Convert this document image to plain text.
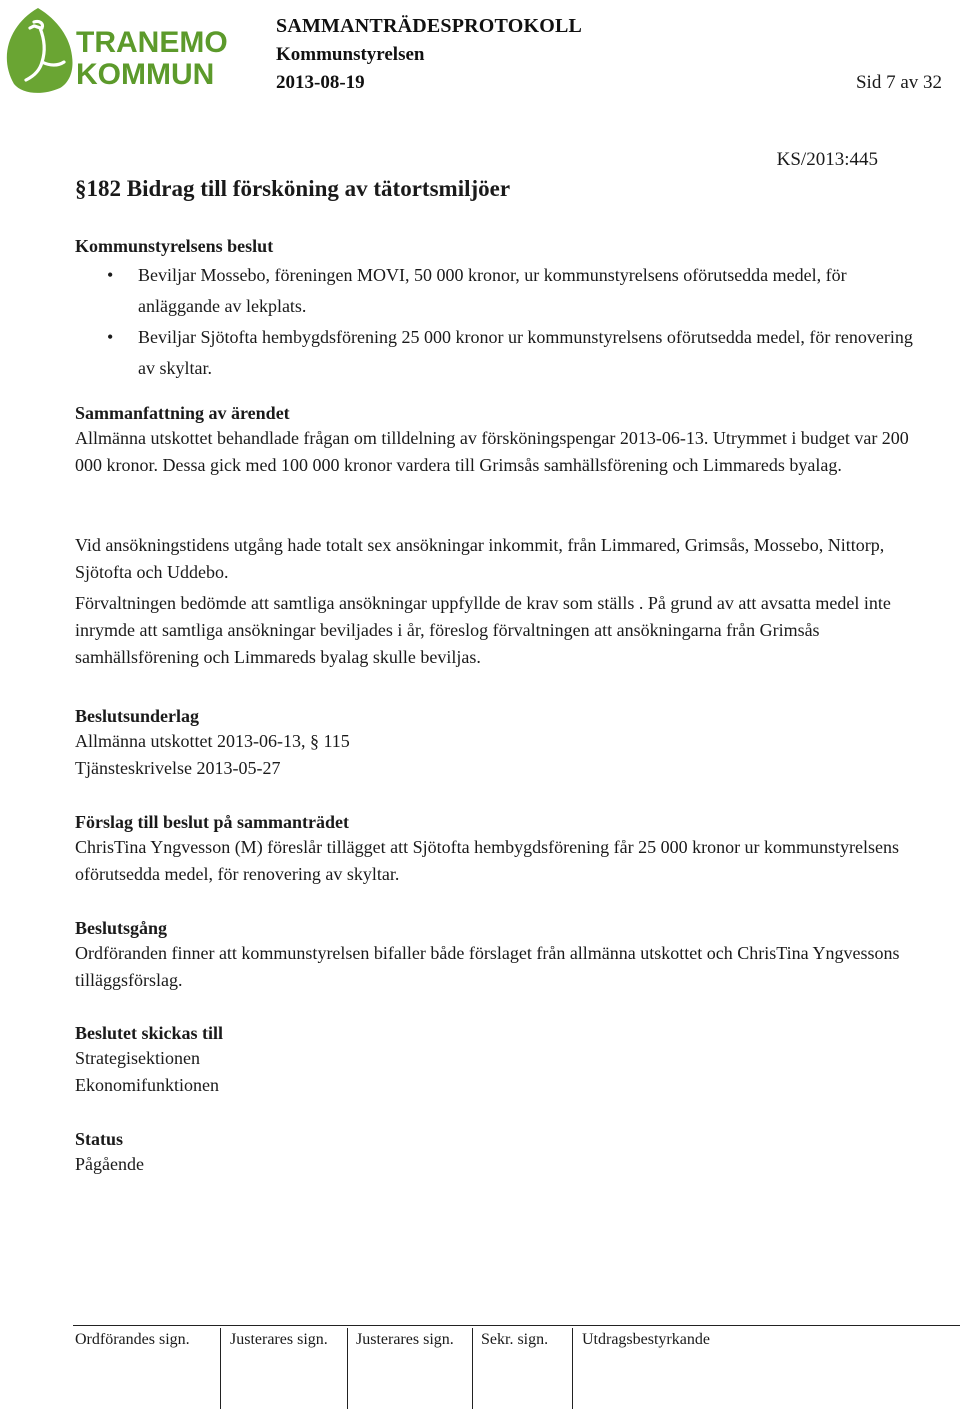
TRANEMO
KOMMUN
SAMMANTRÄDESPROTOKOLL
Kommunstyrelsen
2013-08-19	Sid 7 av 32
KS/2013:445
§182 Bidrag till försköning av tätortsmiljöer
Kommunstyrelsens beslut
• Beviljar Mossebo, föreningen MOVI, 50 000 kronor, ur kommunstyrelsens oförutsedda medel, för anläggande av lekplats.
• Beviljar Sjötofta hembygdsförening 25 000 kronor ur kommunstyrelsens oförutsedda medel, för renovering av skyltar.
Sammanfattning av ärendet
Allmänna utskottet behandlade frågan om tilldelning av försköningspengar 2013-06-13. Utrymmet i budget var 200 000 kronor. Dessa gick med 100 000 kronor vardera till Grimsås samhällsförening och Limmareds byalag.
Vid ansökningstidens utgång hade totalt sex ansökningar inkommit, från Limmared, Grimsås, Mossebo, Nittorp, Sjötofta och Uddebo.
Förvaltningen bedömde att samtliga ansökningar uppfyllde de krav som ställs . På grund av att avsatta medel inte inrymde att samtliga ansökningar beviljades i år, föreslog förvaltningen att ansökningarna från Grimsås samhällsförening och Limmareds byalag skulle beviljas.
Beslutsunderlag
Allmänna utskottet 2013-06-13, § 115
Tjänsteskrivelse 2013-05-27
Förslag till beslut på sammanträdet
ChrisTina Yngvesson (M) föreslår tillägget att Sjötofta hembygdsförening får 25 000 kronor ur kommunstyrelsens oförutsedda medel, för renovering av skyltar.
Beslutsgång
Ordföranden finner att kommunstyrelsen bifaller både förslaget från allmänna utskottet och ChrisTina Yngvessons tilläggsförslag.
Beslutet skickas till
Strategisektionen
Ekonomifunktionen
Status
Pågående
Ordförandes sign.	Justerares sign. Justerares sign. Sekr. sign. Utdragsbestyrkande
